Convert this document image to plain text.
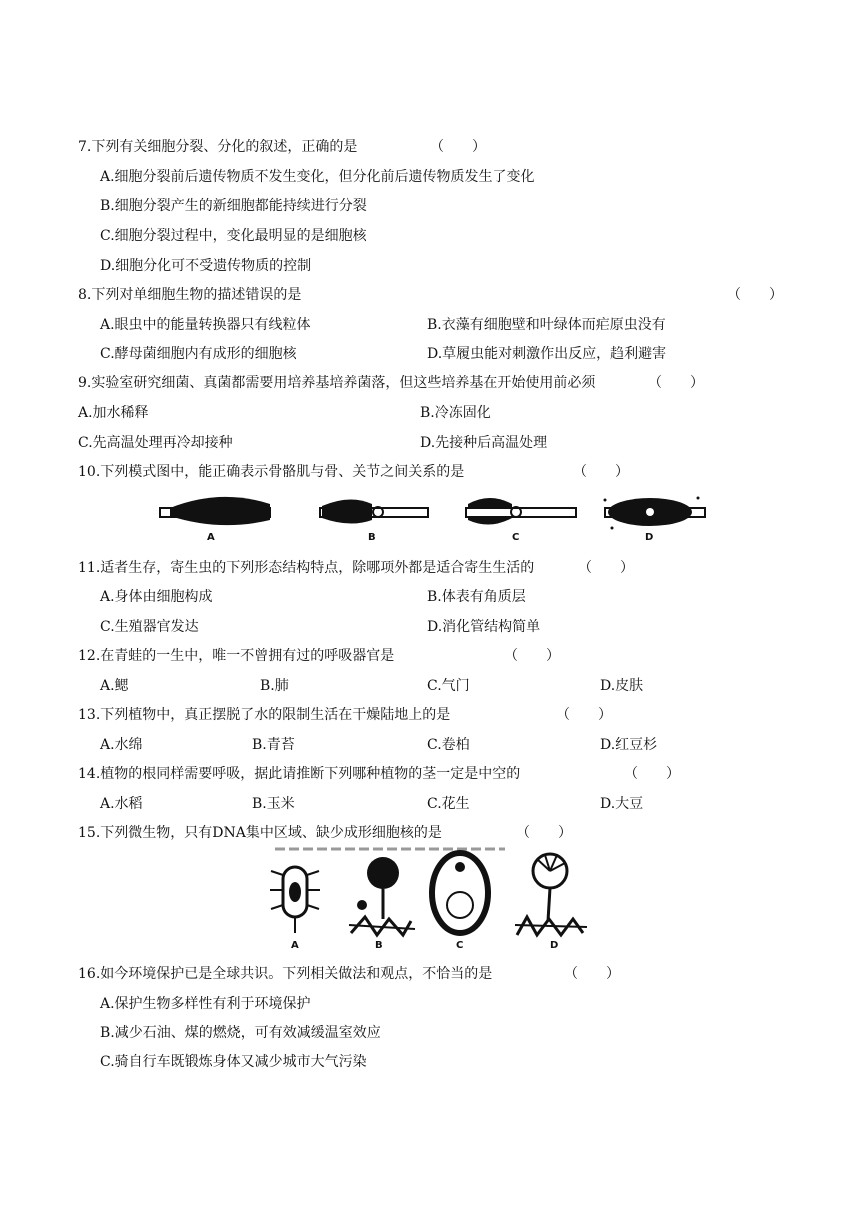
7.下列有关细胞分裂、分化的叙述，正确的是	（　　）
A.细胞分裂前后遗传物质不发生变化，但分化前后遗传物质发生了变化
B.细胞分裂产生的新细胞都能持续进行分裂
C.细胞分裂过程中，变化最明显的是细胞核
D.细胞分化可不受遗传物质的控制
8.下列对单细胞生物的描述错误的是	（　　）
A.眼虫中的能量转换器只有线粒体	B.衣藻有细胞壁和叶绿体而疟原虫没有
C.酵母菌细胞内有成形的细胞核	D.草履虫能对刺激作出反应，趋利避害
9.实验室研究细菌、真菌都需要用培养基培养菌落，但这些培养基在开始使用前必须	（　　）
A.加水稀释	B.冷冻固化
C.先高温处理再冷却接种	D.先接种后高温处理
10.下列模式图中，能正确表示骨骼肌与骨、关节之间关系的是	（　　）
A	B	C	D
11.适者生存，寄生虫的下列形态结构特点，除哪项外都是适合寄生生活的	（　　）
A.身体由细胞构成	B.体表有角质层
C.生殖器官发达	D.消化管结构简单
12.在青蛙的一生中，唯一不曾拥有过的呼吸器官是	（　　）
A.鳃	B.肺	C.气门	D.皮肤
13.下列植物中，真正摆脱了水的限制生活在干燥陆地上的是	（　　）
A.水绵	B.青苔	C.卷柏	D.红豆杉
14.植物的根同样需要呼吸，据此请推断下列哪种植物的茎一定是中空的	（　　）
A.水稻	B.玉米	C.花生	D.大豆
15.下列微生物，只有DNA集中区域、缺少成形细胞核的是	（　　）
A	B	C	D
16.如今环境保护已是全球共识。下列相关做法和观点，不恰当的是	（　　）
A.保护生物多样性有利于环境保护
B.减少石油、煤的燃烧，可有效减缓温室效应
C.骑自行车既锻炼身体又减少城市大气污染
